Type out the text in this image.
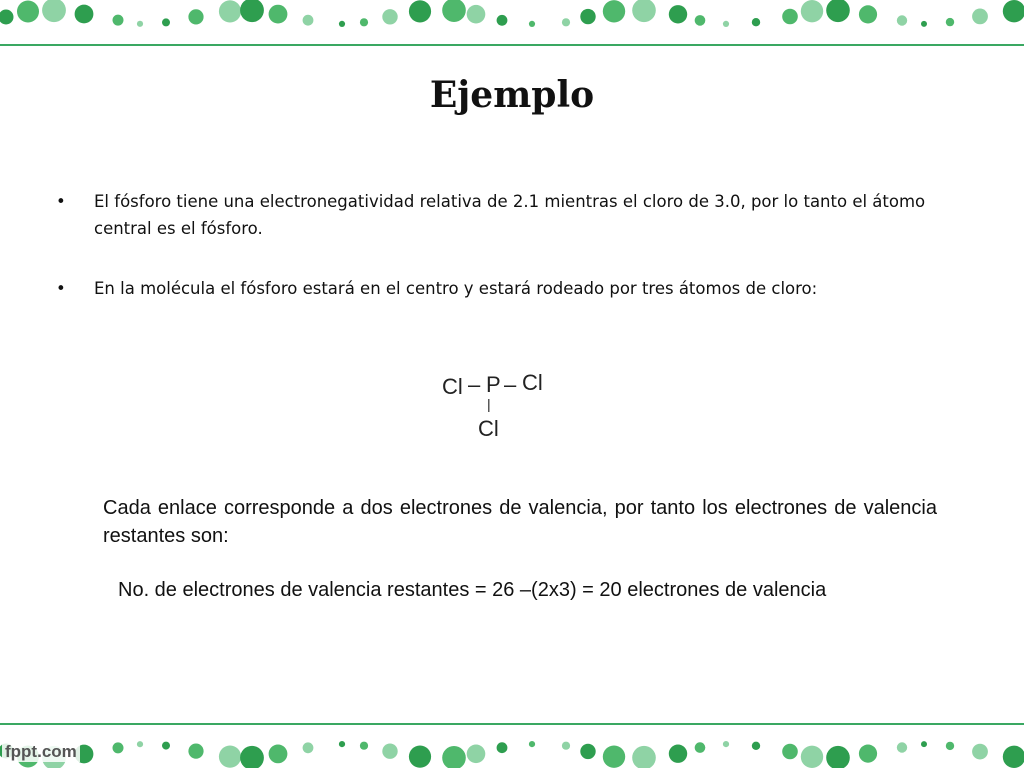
Ejemplo
• El fósforo tiene una electronegatividad relativa de 2.1 mientras el cloro de 3.0, por lo tanto el átomo central es el fósforo.
• En la molécula el fósforo estará en el centro y estará rodeado por tres átomos de cloro:
Cl – P – Cl
|
Cl

Cada enlace corresponde a dos electrones de valencia, por tanto los electrones de valencia restantes son:

No. de electrones de valencia restantes = 26 –(2x3) = 20 electrones de valencia

fppt.com
